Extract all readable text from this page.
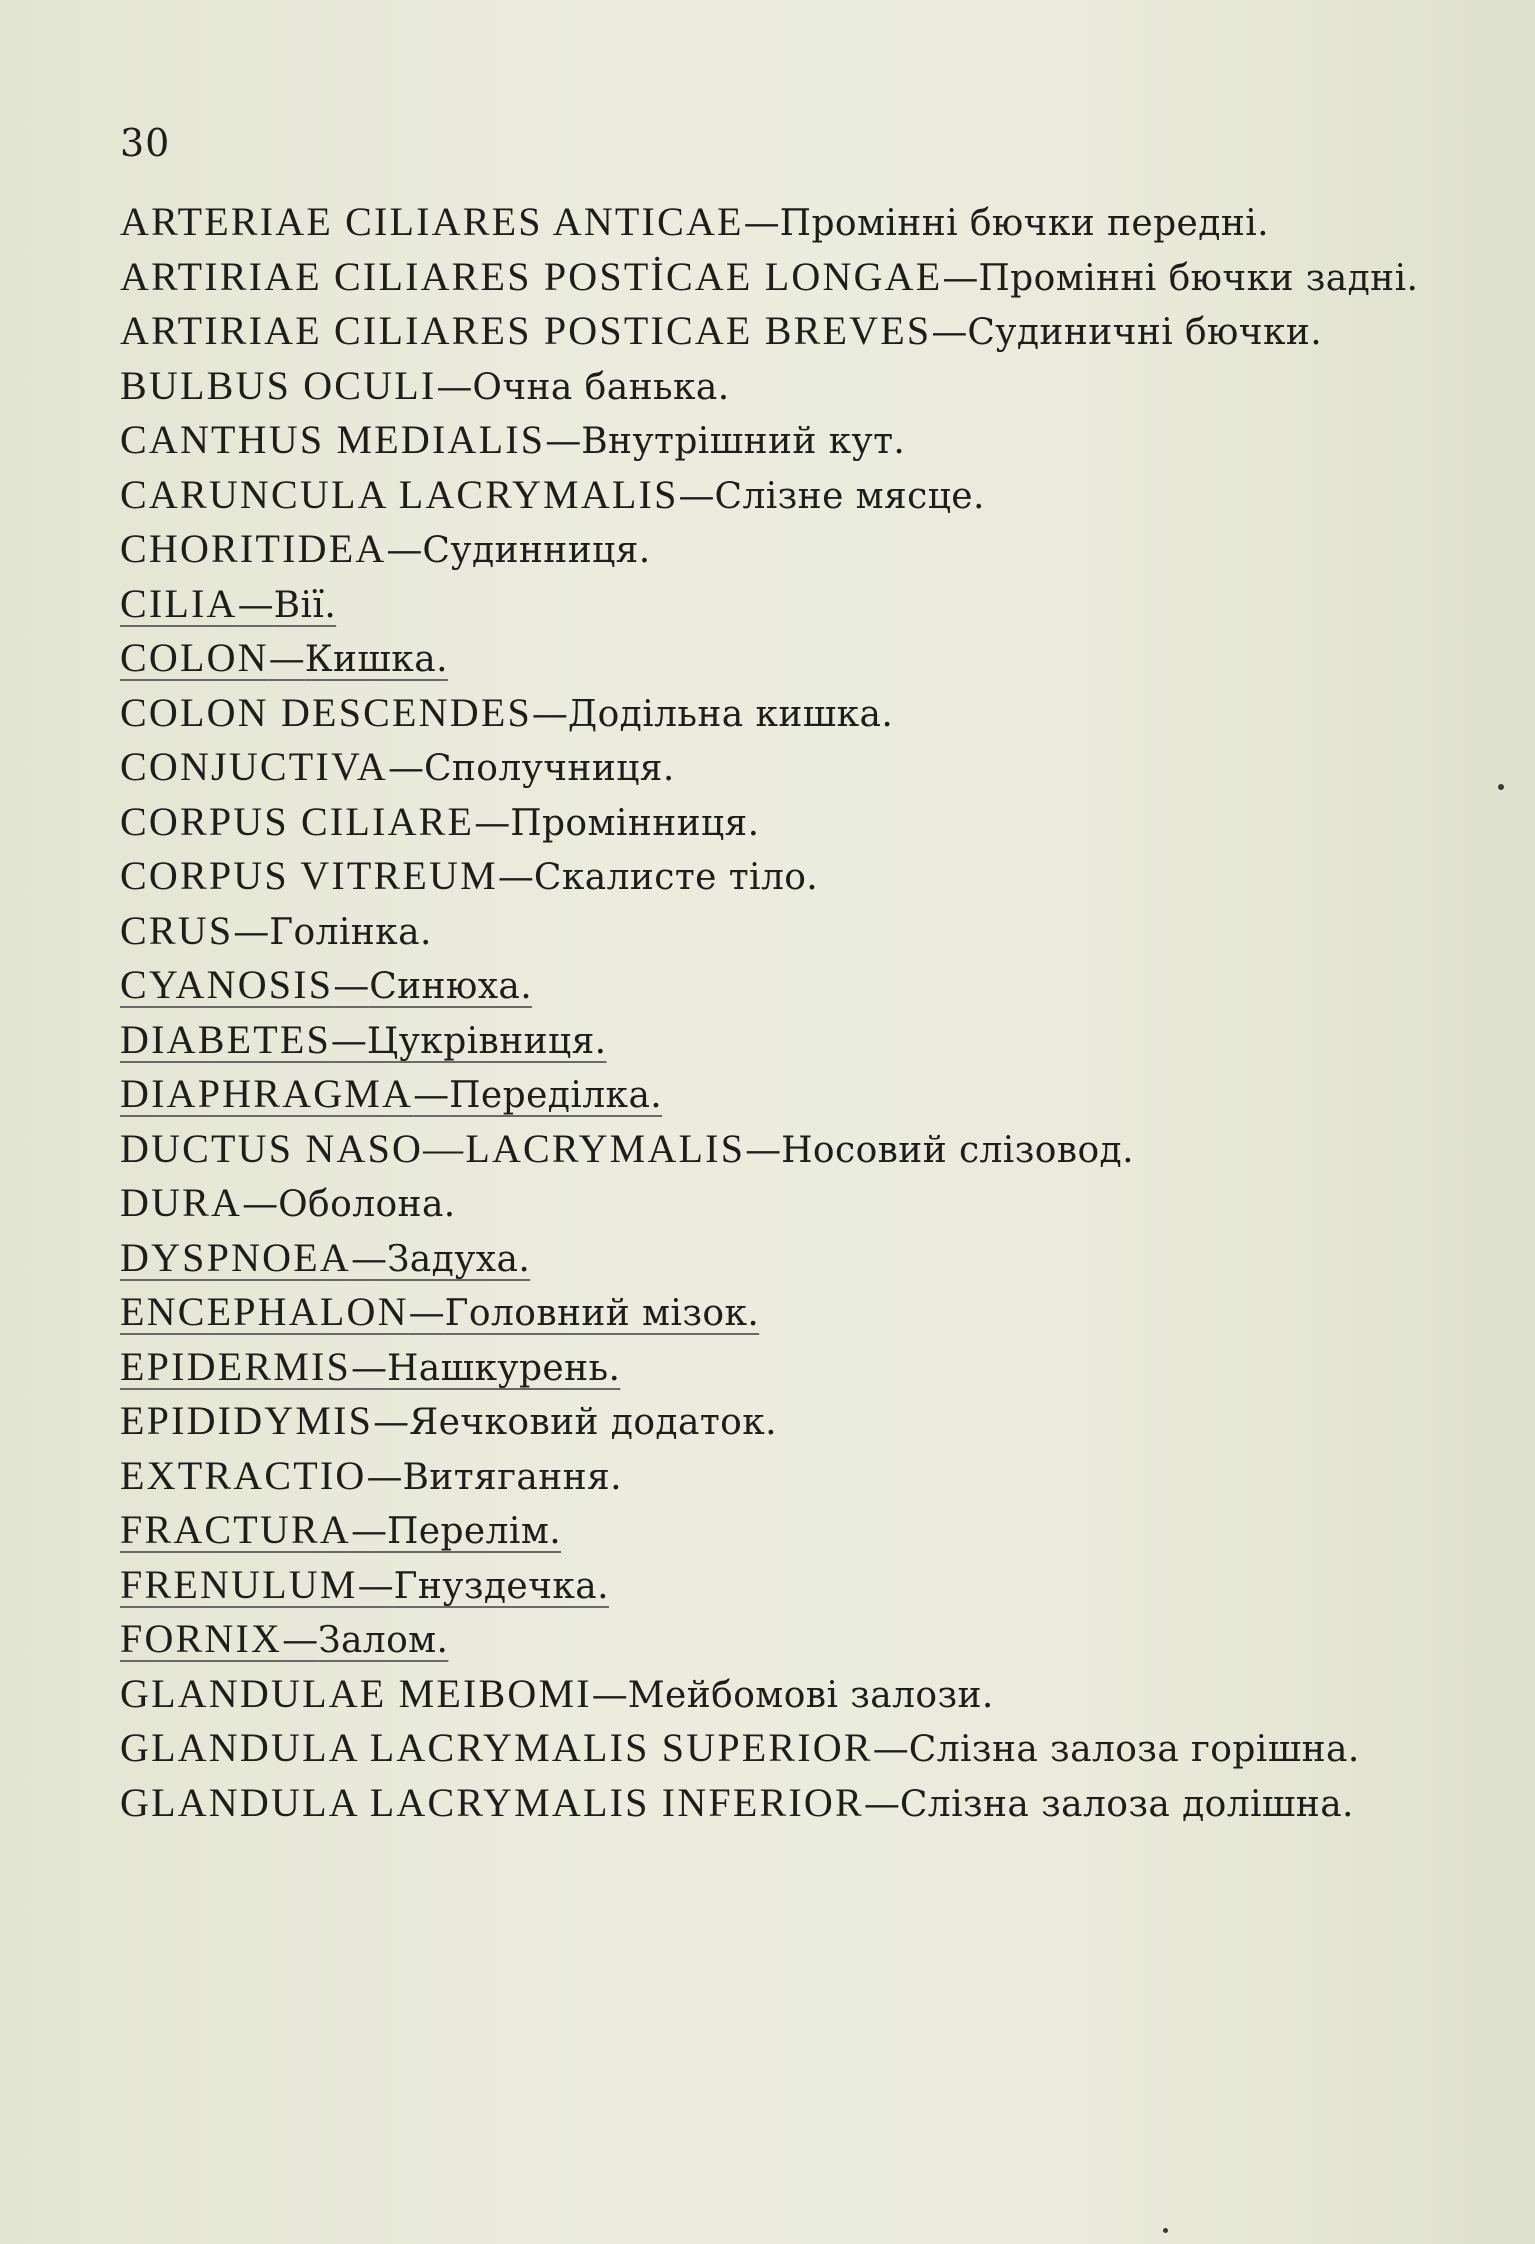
30
ARTERIAE CILIARES ANTICAE—Промінні бючки передні.
ARTIRIAE CILIARES POSTİCAE LONGAE—Промінні бючки задні.
ARTIRIAE CILIARES POSTICAE BREVES—Судиничні бючки.
BULBUS OCULI—Очна банька.
CANTHUS MEDIALIS—Внутрішний кут.
CARUNCULA LACRYMALIS—Слізне мясце.
CHORITIDEA—Судинниця.
CILIA—Вії.
COLON—Кишка.
COLON DESCENDES—Додільна кишка.
CONJUCTIVA—Сполучниця.
CORPUS CILIARE—Промінниця.
CORPUS VITREUM—Скалисте тіло.
CRUS—Голінка.
CYANOSIS—Синюха.
DIABETES—Цукрівниця.
DIAPHRAGMA—Переділка.
DUCTUS NASO—LACRYMALIS—Носовий слізовод.
DURA—Оболона.
DYSPNOEA—Задуха.
ENCEPHALON—Головний мізок.
EPIDERMIS—Нашкурень.
EPIDIDYMIS—Яечковий додаток.
EXTRACTIO—Витягання.
FRACTURA—Перелім.
FRENULUM—Гнуздечка.
FORNIX—Залом.
GLANDULAE MEIBOMI—Мейбомові залози.
GLANDULA LACRYMALIS SUPERIOR—Слізна залоза горішна.
GLANDULA LACRYMALIS INFERIOR—Слізна залоза долішна.
